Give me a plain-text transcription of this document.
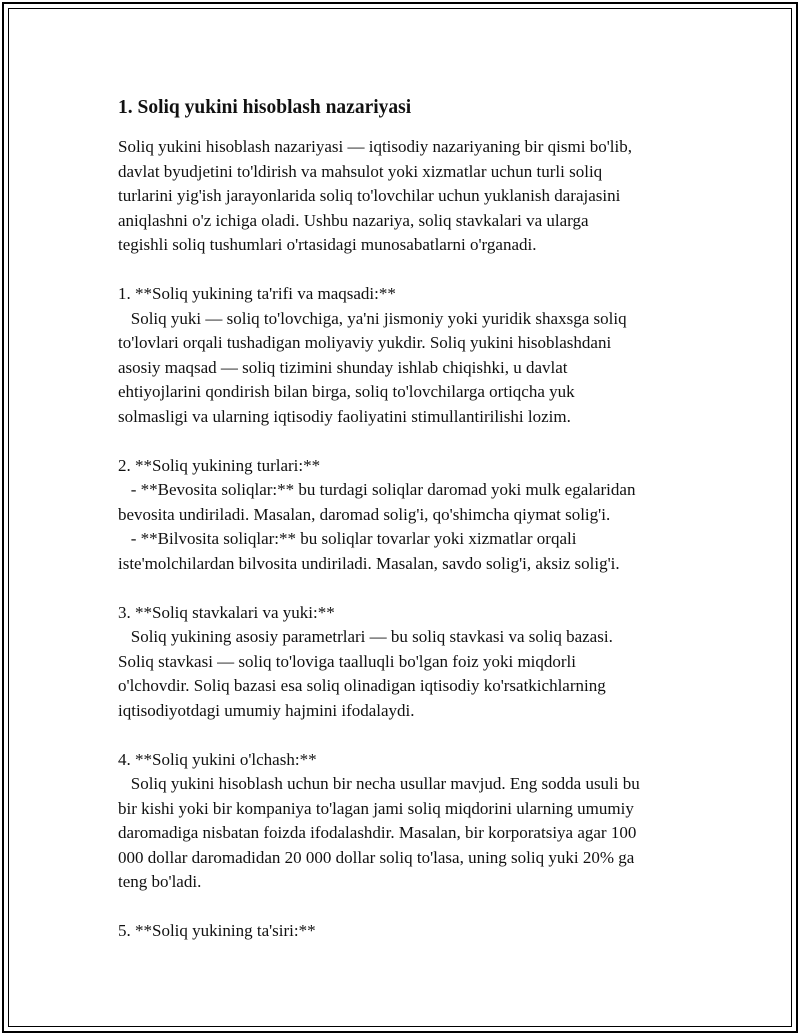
1. Soliq yukini hisoblash nazariyasi
Soliq yukini hisoblash nazariyasi — iqtisodiy nazariyaning bir qismi bo'lib,
davlat byudjetini to'ldirish va mahsulot yoki xizmatlar uchun turli soliq
turlarini yig'ish jarayonlarida soliq to'lovchilar uchun yuklanish darajasini
aniqlashni o'z ichiga oladi. Ushbu nazariya, soliq stavkalari va ularga
tegishli soliq tushumlari o'rtasidagi munosabatlarni o'rganadi.
1. **Soliq yukining ta'rifi va maqsadi:**
Soliq yuki — soliq to'lovchiga, ya'ni jismoniy yoki yuridik shaxsga soliq
to'lovlari orqali tushadigan moliyaviy yukdir. Soliq yukini hisoblashdani
asosiy maqsad — soliq tizimini shunday ishlab chiqishki, u davlat
ehtiyojlarini qondirish bilan birga, soliq to'lovchilarga ortiqcha yuk
solmasligi va ularning iqtisodiy faoliyatini stimullantirilishi lozim.
2. **Soliq yukining turlari:**
- **Bevosita soliqlar:** bu turdagi soliqlar daromad yoki mulk egalaridan
bevosita undiriladi. Masalan, daromad solig'i, qo'shimcha qiymat solig'i.
- **Bilvosita soliqlar:** bu soliqlar tovarlar yoki xizmatlar orqali
iste'molchilardan bilvosita undiriladi. Masalan, savdo solig'i, aksiz solig'i.
3. **Soliq stavkalari va yuki:**
Soliq yukining asosiy parametrlari — bu soliq stavkasi va soliq bazasi.
Soliq stavkasi — soliq to'loviga taalluqli bo'lgan foiz yoki miqdorli
o'lchovdir. Soliq bazasi esa soliq olinadigan iqtisodiy ko'rsatkichlarning
iqtisodiyotdagi umumiy hajmini ifodalaydi.
4. **Soliq yukini o'lchash:**
Soliq yukini hisoblash uchun bir necha usullar mavjud. Eng sodda usuli bu
bir kishi yoki bir kompaniya to'lagan jami soliq miqdorini ularning umumiy
daromadiga nisbatan foizda ifodalashdir. Masalan, bir korporatsiya agar 100
000 dollar daromadidan 20 000 dollar soliq to'lasa, uning soliq yuki 20% ga
teng bo'ladi.
5. **Soliq yukining ta'siri:**
